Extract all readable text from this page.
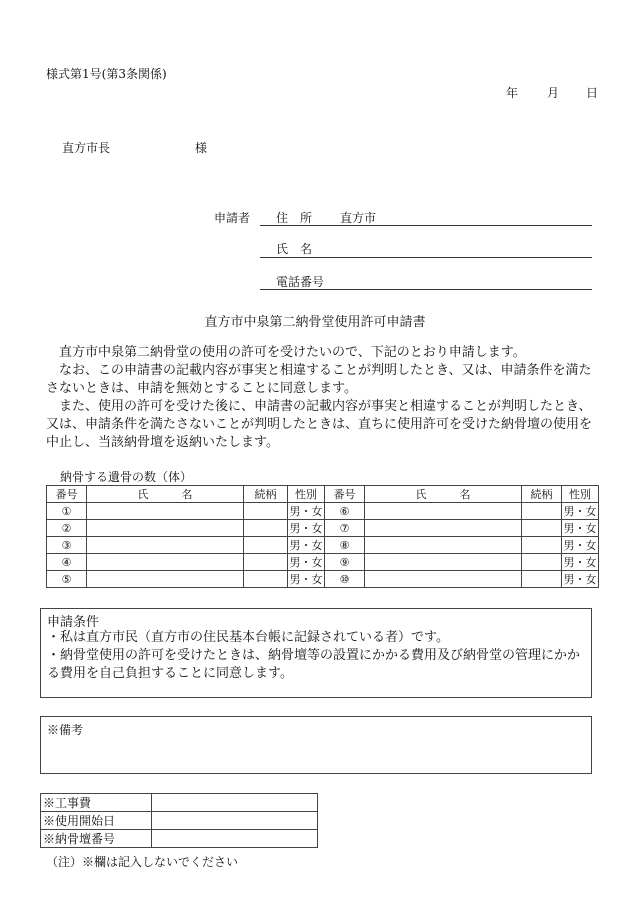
様式第1号(第3条関係)
年 月 日
直方市長	様
申請者 住　所 直方市
氏　名
電話番号
直方市中泉第二納骨堂使用許可申請書

直方市中泉第二納骨堂の使用の許可を受けたいので、下記のとおり申請します。

なお、この申請書の記載内容が事実と相違することが判明したとき、又は、申請条件を満たさないときは、申請を無効とすることに同意します。

また、使用の許可を受けた後に、申請書の記載内容が事実と相違することが判明したとき、又は、申請条件を満たさないことが判明したときは、直ちに使用許可を受けた納骨壇の使用を中止し、当該納骨壇を返納いたします。

納骨する遺骨の数（体）
番号	氏　　　名	続柄	性別	番号	氏　　　名	続柄	性別
①			男・女	⑥			男・女
②			男・女	⑦			男・女
③			男・女	⑧			男・女
④			男・女	⑨			男・女
⑤			男・女	⑩			男・女
申請条件
・私は直方市民（直方市の住民基本台帳に記録されている者）です。
・納骨堂使用の許可を受けたときは、納骨壇等の設置にかかる費用及び納骨堂の管理にかかる費用を自己負担することに同意します。
※備考
※工事費	
※使用開始日	
※納骨壇番号	
（注）※欄は記入しないでください
